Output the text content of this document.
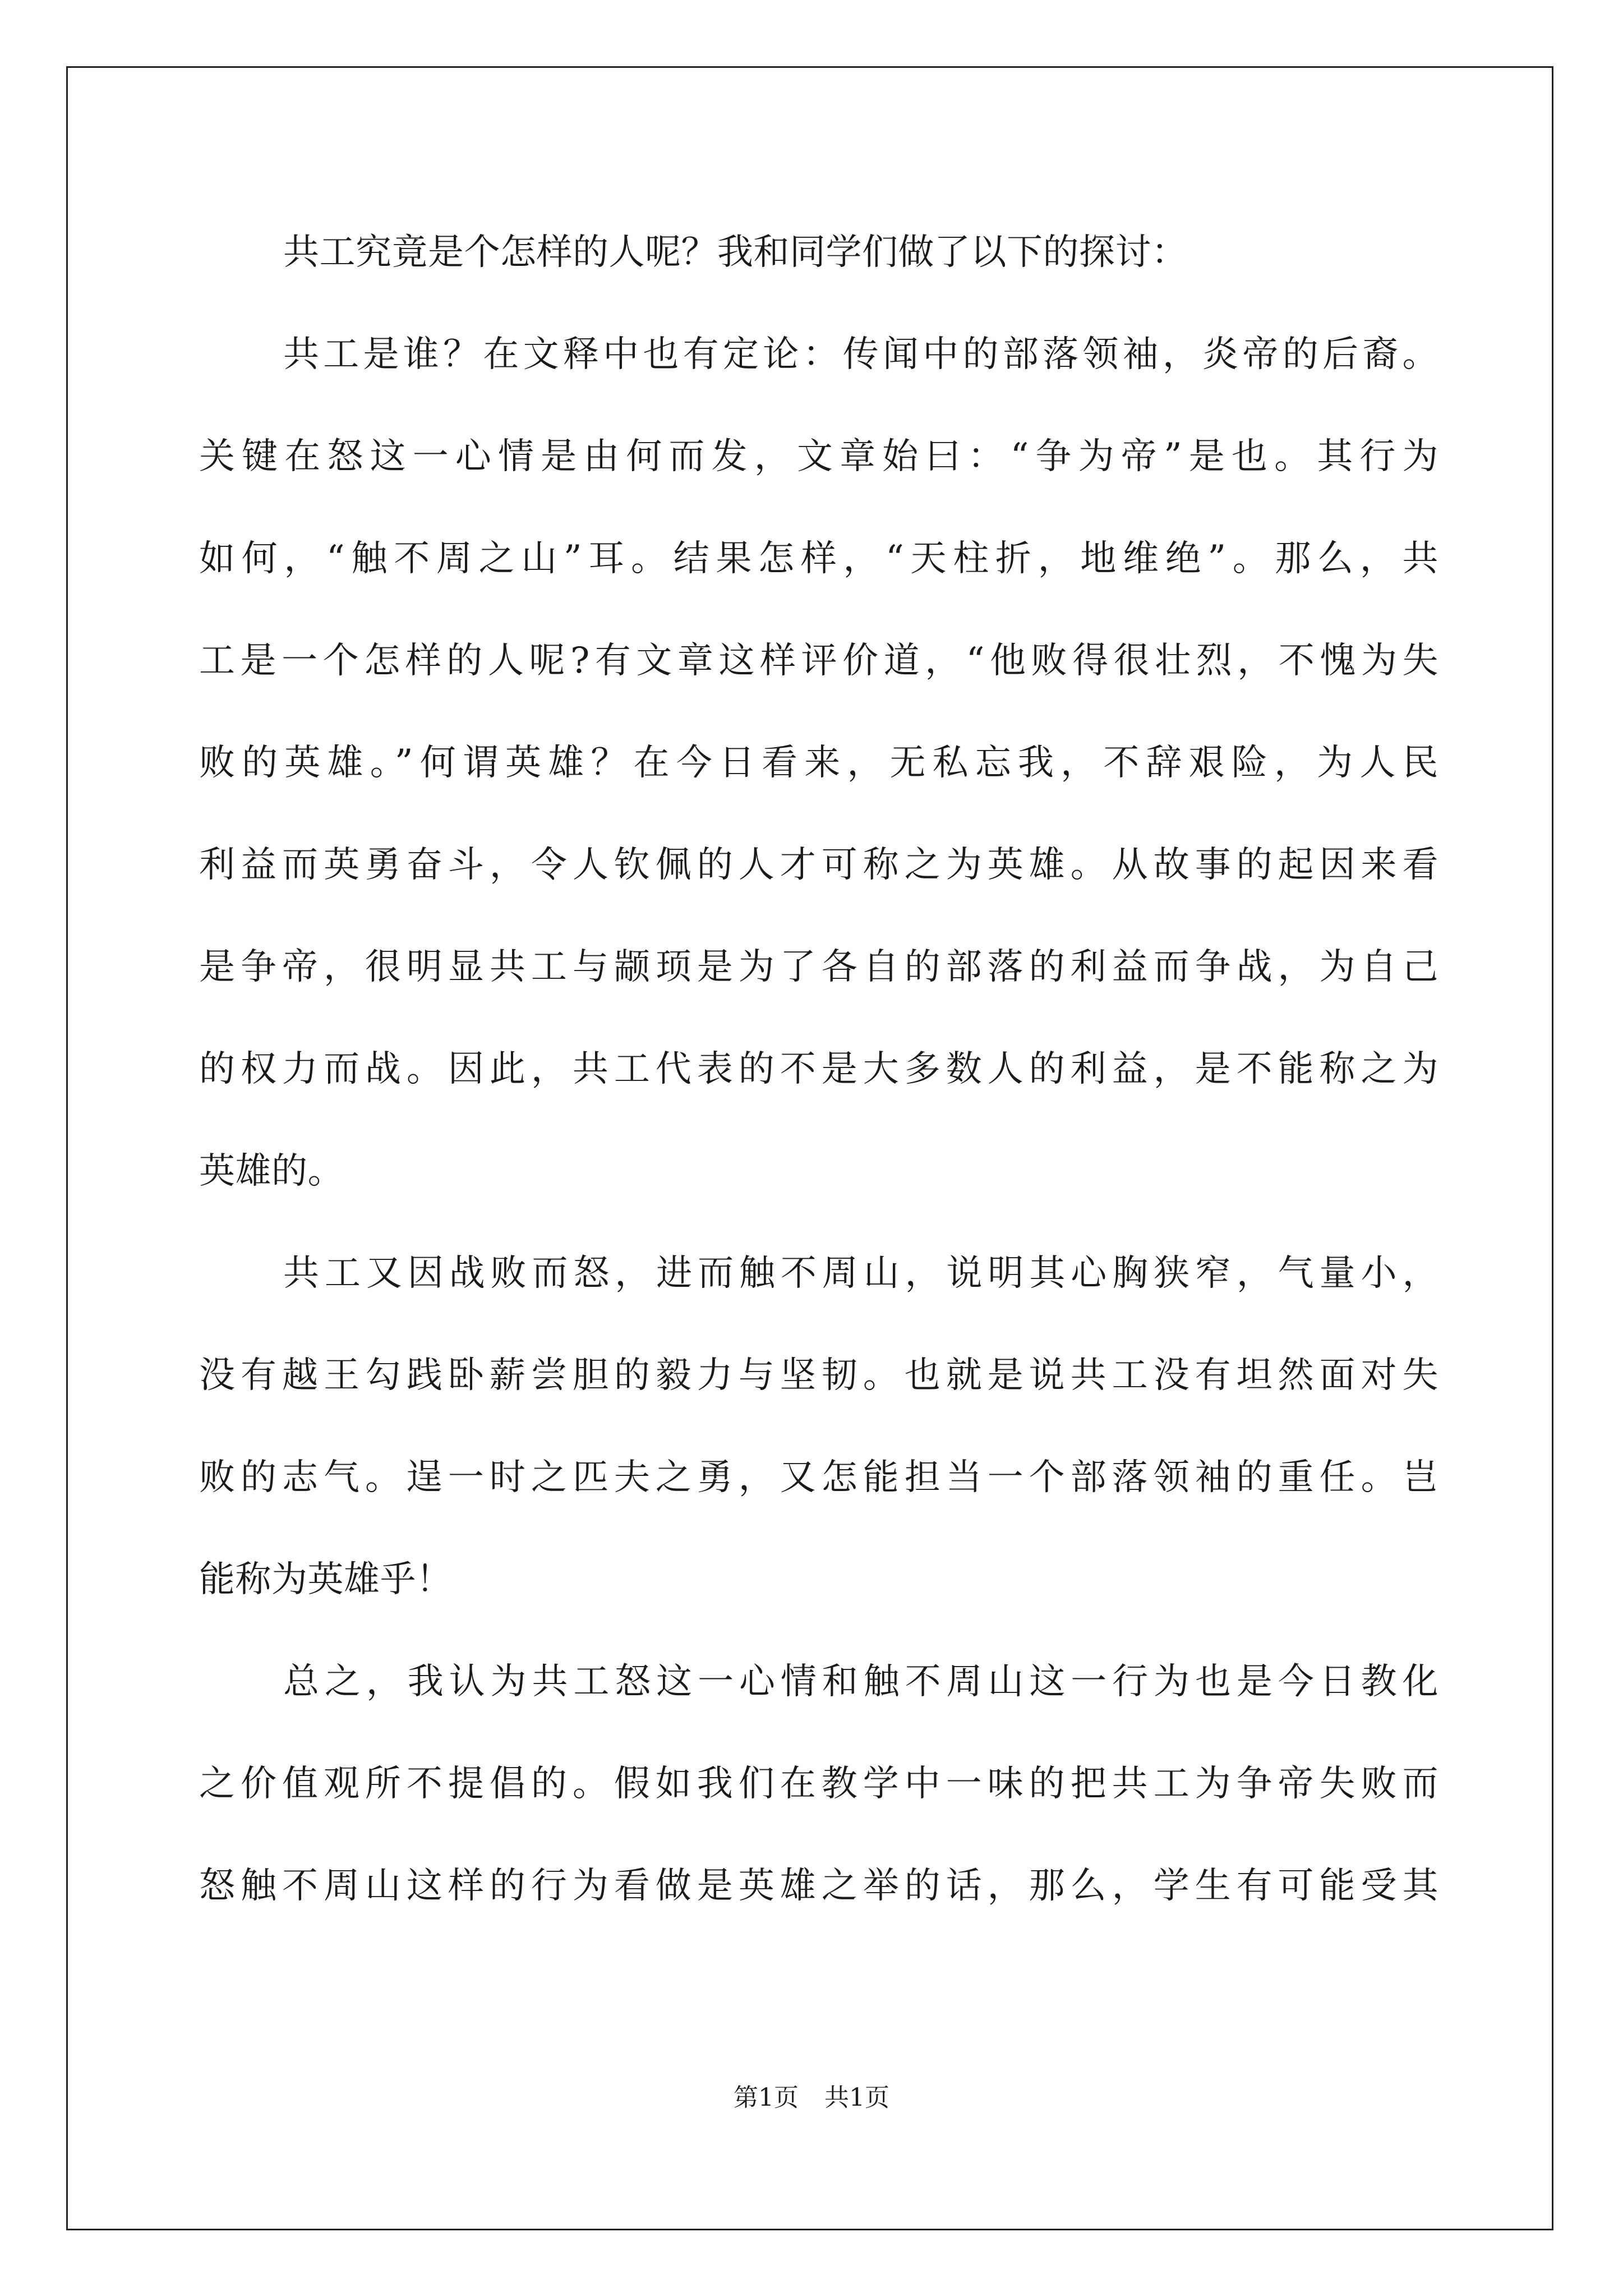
共工究竟是个怎样的人呢？我和同学们做了以下的探讨：
共工是谁？在文释中也有定论：传闻中的部落领袖，炎帝的后裔。
关键在怒这一心情是由何而发，文章始曰：“争为帝”是也。其行为
如何，“触不周之山”耳。结果怎样，“天柱折，地维绝”。那么，共
工是一个怎样的人呢?有文章这样评价道，“他败得很壮烈，不愧为失
败的英雄。”何谓英雄？在今日看来，无私忘我，不辞艰险，为人民
利益而英勇奋斗，令人钦佩的人才可称之为英雄。从故事的起因来看
是争帝，很明显共工与颛顼是为了各自的部落的利益而争战，为自己
的权力而战。因此，共工代表的不是大多数人的利益，是不能称之为
英雄的。
共工又因战败而怒，进而触不周山，说明其心胸狭窄，气量小，
没有越王勾践卧薪尝胆的毅力与坚韧。也就是说共工没有坦然面对失
败的志气。逞一时之匹夫之勇，又怎能担当一个部落领袖的重任。岂
能称为英雄乎！
总之，我认为共工怒这一心情和触不周山这一行为也是今日教化
之价值观所不提倡的。假如我们在教学中一味的把共工为争帝失败而
怒触不周山这样的行为看做是英雄之举的话，那么，学生有可能受其
第1页 共1页
